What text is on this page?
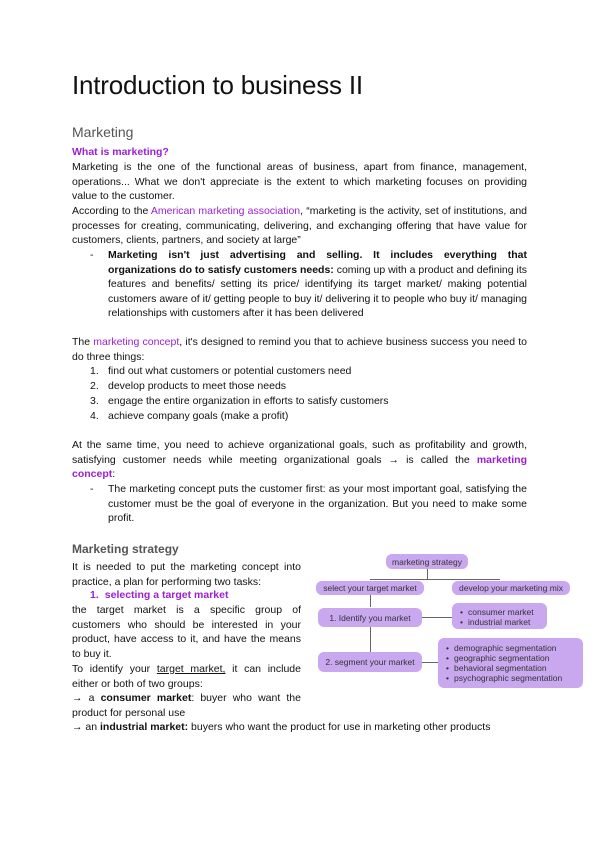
Introduction to business II
Marketing
What is marketing?
Marketing is the one of the functional areas of business, apart from finance, management, operations... What we don't appreciate is the extent to which marketing focuses on providing value to the customer.
According to the American marketing association, “marketing is the activity, set of institutions, and processes for creating, communicating, delivering, and exchanging offering that have value for customers, clients, partners, and society at large”
- Marketing isn't just advertising and selling. It includes everything that organizations do to satisfy customers needs: coming up with a product and defining its features and benefits/ setting its price/ identifying its target market/ making potential customers aware of it/ getting people to buy it/ delivering it to people who buy it/ managing relationships with customers after it has been delivered
The marketing concept, it's designed to remind you that to achieve business success you need to do three things:
1. find out what customers or potential customers need
2. develop products to meet those needs
3. engage the entire organization in efforts to satisfy customers
4. achieve company goals (make a profit)
At the same time, you need to achieve organizational goals, such as profitability and growth, satisfying customer needs while meeting organizational goals → is called the marketing concept:
- The marketing concept puts the customer first: as your most important goal, satisfying the customer must be the goal of everyone in the organization. But you need to make some profit.
Marketing strategy
It is needed to put the marketing concept into practice, a plan for performing two tasks:
1. selecting a target market
the target market is a specific group of customers who should be interested in your product, have access to it, and have the means to buy it.
To identify your target market, it can include either or both of two groups:
→ a consumer market: buyer who want the product for personal use
→ an industrial market: buyers who want the product for use in marketing other products
marketing strategy
select your target market	develop your marketing mix
1. Identify you market
• consumer market
• industrial market
2. segment your market
• demographic segmentation
• geographic segmentation
• behavioral segmentation
• psychographic segmentation
